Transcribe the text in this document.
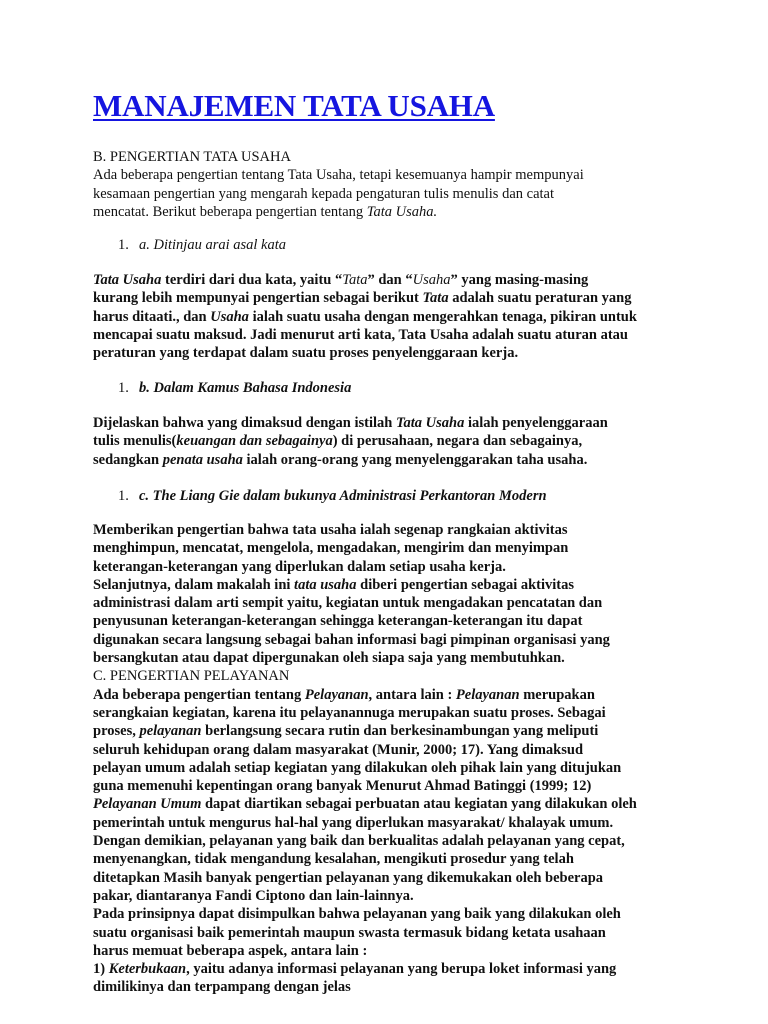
MANAJEMEN TATA USAHA
B. PENGERTIAN TATA USAHA
Ada beberapa pengertian tentang Tata Usaha, tetapi kesemuanya hampir mempunyai
kesamaan pengertian yang mengarah kepada pengaturan tulis menulis dan catat
mencatat. Berikut beberapa pengertian tentang Tata Usaha.
1. a. Ditinjau arai asal kata
Tata Usaha terdiri dari dua kata, yaitu “Tata” dan “Usaha” yang masing-masing
kurang lebih mempunyai pengertian sebagai berikut Tata adalah suatu peraturan yang
harus ditaati., dan Usaha ialah suatu usaha dengan mengerahkan tenaga, pikiran untuk
mencapai suatu maksud. Jadi menurut arti kata, Tata Usaha adalah suatu aturan atau
peraturan yang terdapat dalam suatu proses penyelenggaraan kerja.
1. b. Dalam Kamus Bahasa Indonesia
Dijelaskan bahwa yang dimaksud dengan istilah Tata Usaha ialah penyelenggaraan
tulis menulis(keuangan dan sebagainya) di perusahaan, negara dan sebagainya,
sedangkan penata usaha ialah orang-orang yang menyelenggarakan taha usaha.
1. c. The Liang Gie dalam bukunya Administrasi Perkantoran Modern
Memberikan pengertian bahwa tata usaha ialah segenap rangkaian aktivitas
menghimpun, mencatat, mengelola, mengadakan, mengirim dan menyimpan
keterangan-keterangan yang diperlukan dalam setiap usaha kerja.
Selanjutnya, dalam makalah ini tata usaha diberi pengertian sebagai aktivitas
administrasi dalam arti sempit yaitu, kegiatan untuk mengadakan pencatatan dan
penyusunan keterangan-keterangan sehingga keterangan-keterangan itu dapat
digunakan secara langsung sebagai bahan informasi bagi pimpinan organisasi yang
bersangkutan atau dapat dipergunakan oleh siapa saja yang membutuhkan.
C. PENGERTIAN PELAYANAN
Ada beberapa pengertian tentang Pelayanan, antara lain : Pelayanan merupakan
serangkaian kegiatan, karena itu pelayanannuga merupakan suatu proses. Sebagai
proses, pelayanan berlangsung secara rutin dan berkesinambungan yang meliputi
seluruh kehidupan orang dalam masyarakat (Munir, 2000; 17). Yang dimaksud
pelayan umum adalah setiap kegiatan yang dilakukan oleh pihak lain yang ditujukan
guna memenuhi kepentingan orang banyak Menurut Ahmad Batinggi (1999; 12)
Pelayanan Umum dapat diartikan sebagai perbuatan atau kegiatan yang dilakukan oleh
pemerintah untuk mengurus hal-hal yang diperlukan masyarakat/ khalayak umum.
Dengan demikian, pelayanan yang baik dan berkualitas adalah pelayanan yang cepat,
menyenangkan, tidak mengandung kesalahan, mengikuti prosedur yang telah
ditetapkan Masih banyak pengertian pelayanan yang dikemukakan oleh beberapa
pakar, diantaranya Fandi Ciptono dan lain-lainnya.
Pada prinsipnya dapat disimpulkan bahwa pelayanan yang baik yang dilakukan oleh
suatu organisasi baik pemerintah maupun swasta termasuk bidang ketata usahaan
harus memuat beberapa aspek, antara lain :
1) Keterbukaan, yaitu adanya informasi pelayanan yang berupa loket informasi yang
dimilikinya dan terpampang dengan jelas
